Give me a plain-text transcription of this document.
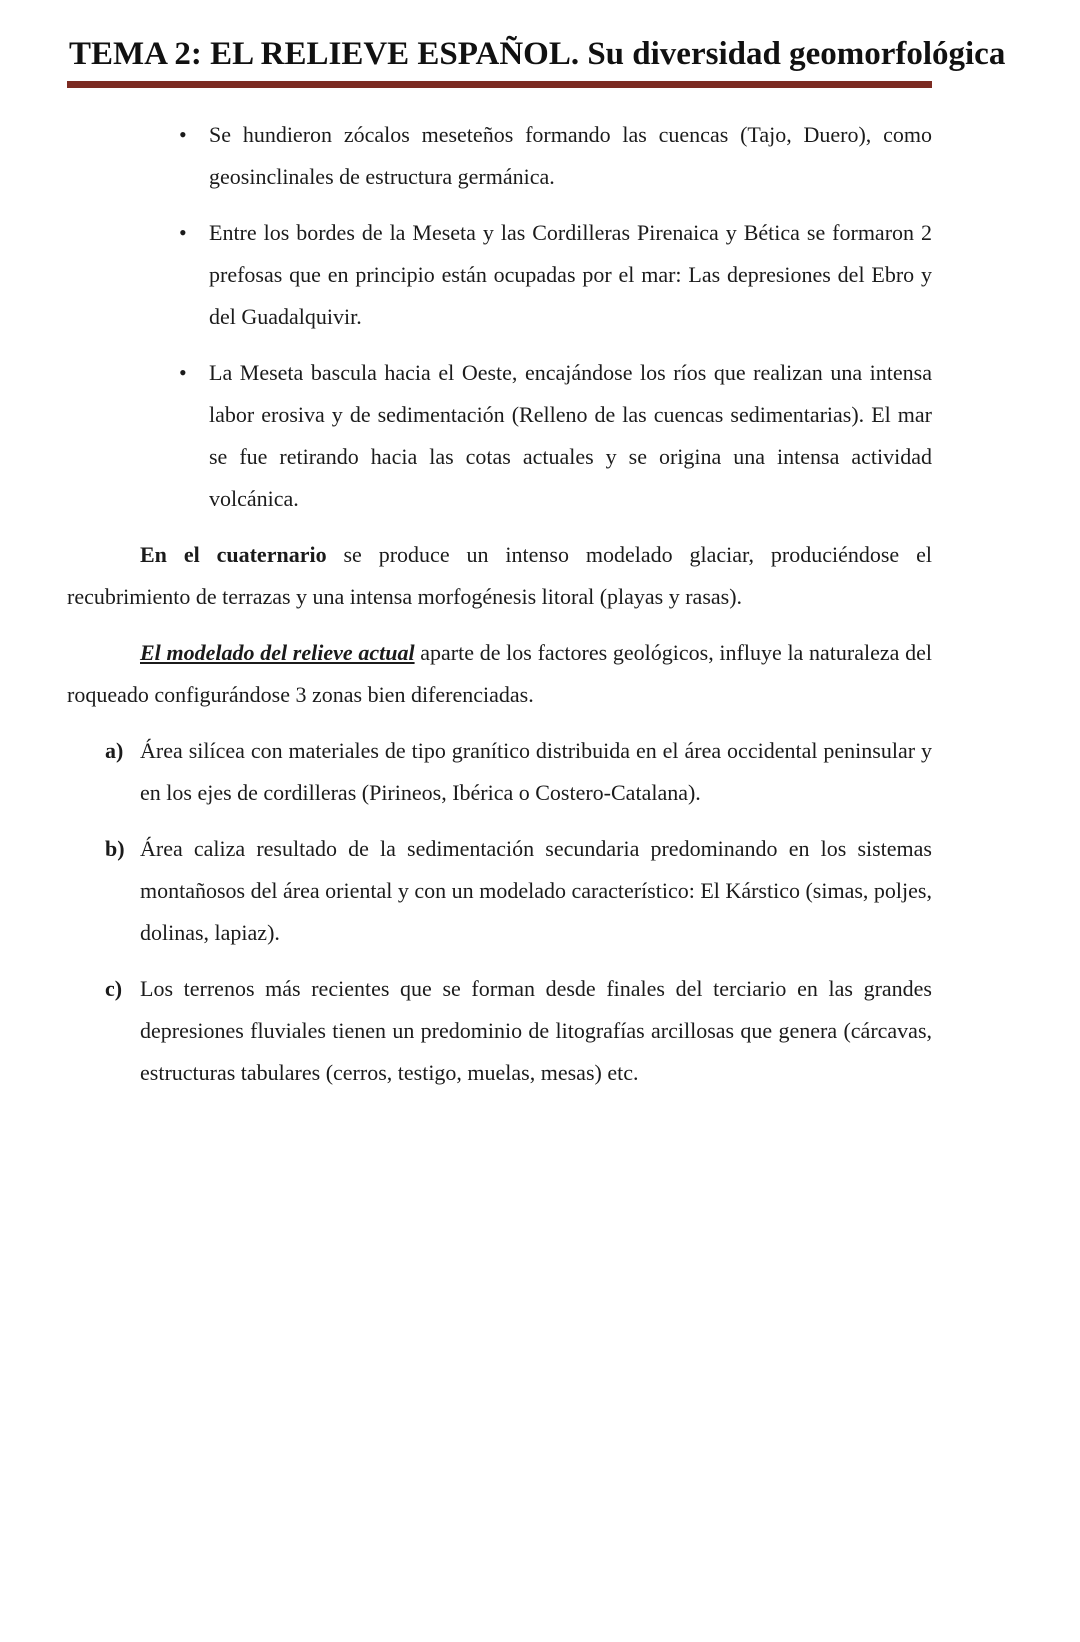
TEMA 2: EL RELIEVE ESPAÑOL. Su diversidad geomorfológica
•	Se hundieron zócalos meseteños formando las cuencas (Tajo, Duero), como geosinclinales de estructura germánica.
•	Entre los bordes de la Meseta y las Cordilleras Pirenaica y Bética se formaron 2 prefosas que en principio están ocupadas por el mar: Las depresiones del Ebro y del Guadalquivir.
•	La Meseta bascula hacia el Oeste, encajándose los ríos que realizan una intensa labor erosiva y de sedimentación (Relleno de las cuencas sedimentarias). El mar se fue retirando hacia las cotas actuales y se origina una intensa actividad volcánica.

En el cuaternario se produce un intenso modelado glaciar, produciéndose el recubrimiento de terrazas y una intensa morfogénesis litoral (playas y rasas).

El modelado del relieve actual aparte de los factores geológicos, influye la naturaleza del roqueado configurándose 3 zonas bien diferenciadas.

a) Área silícea con materiales de tipo granítico distribuida en el área occidental peninsular y en los ejes de cordilleras (Pirineos, Ibérica o Costero-Catalana).
b) Área caliza resultado de la sedimentación secundaria predominando en los sistemas montañosos del área oriental y con un modelado característico: El Kárstico (simas, poljes, dolinas, lapiaz).
c) Los terrenos más recientes que se forman desde finales del terciario en las grandes depresiones fluviales tienen un predominio de litografías arcillosas que genera (cárcavas, estructuras tabulares (cerros, testigo, muelas, mesas) etc.
